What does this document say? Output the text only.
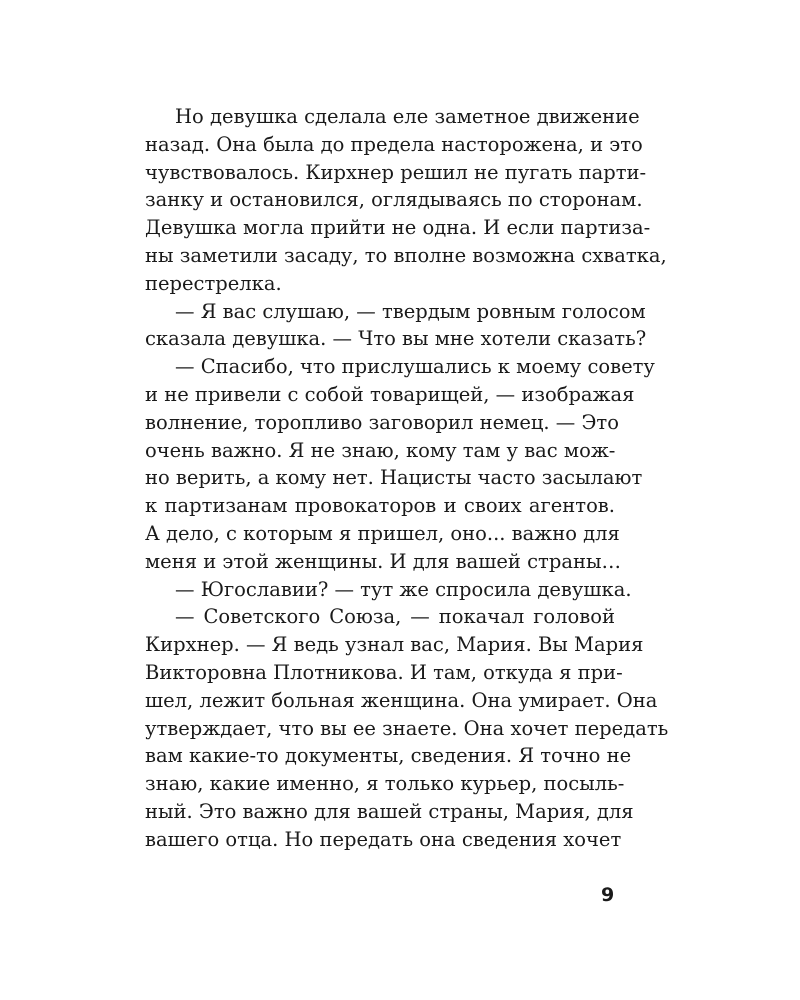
Но девушка сделала еле заметное движение
назад. Она была до предела насторожена, и это
чувствовалось. Кирхнер решил не пугать парти-
занку и остановился, оглядываясь по сторонам.
Девушка могла прийти не одна. И если партиза-
ны заметили засаду, то вполне возможна схватка,
перестрелка.
— Я вас слушаю, — твердым ровным голосом
сказала девушка. — Что вы мне хотели сказать?
— Спасибо, что прислушались к моему совету
и не привели с собой товарищей, — изображая
волнение, торопливо заговорил немец. — Это
очень важно. Я не знаю, кому там у вас мож-
но верить, а кому нет. Нацисты часто засылают
к партизанам провокаторов и своих агентов.
А дело, с которым я пришел, оно... важно для
меня и этой женщины. И для вашей страны…
— Югославии? — тут же спросила девушка.
— Советского Союза, — покачал головой
Кирхнер. — Я ведь узнал вас, Мария. Вы Мария
Викторовна Плотникова. И там, откуда я при-
шел, лежит больная женщина. Она умирает. Она
утверждает, что вы ее знаете. Она хочет передать
вам какие-то документы, сведения. Я точно не
знаю, какие именно, я только курьер, посыль-
ный. Это важно для вашей страны, Мария, для
вашего отца. Но передать она сведения хочет
9
